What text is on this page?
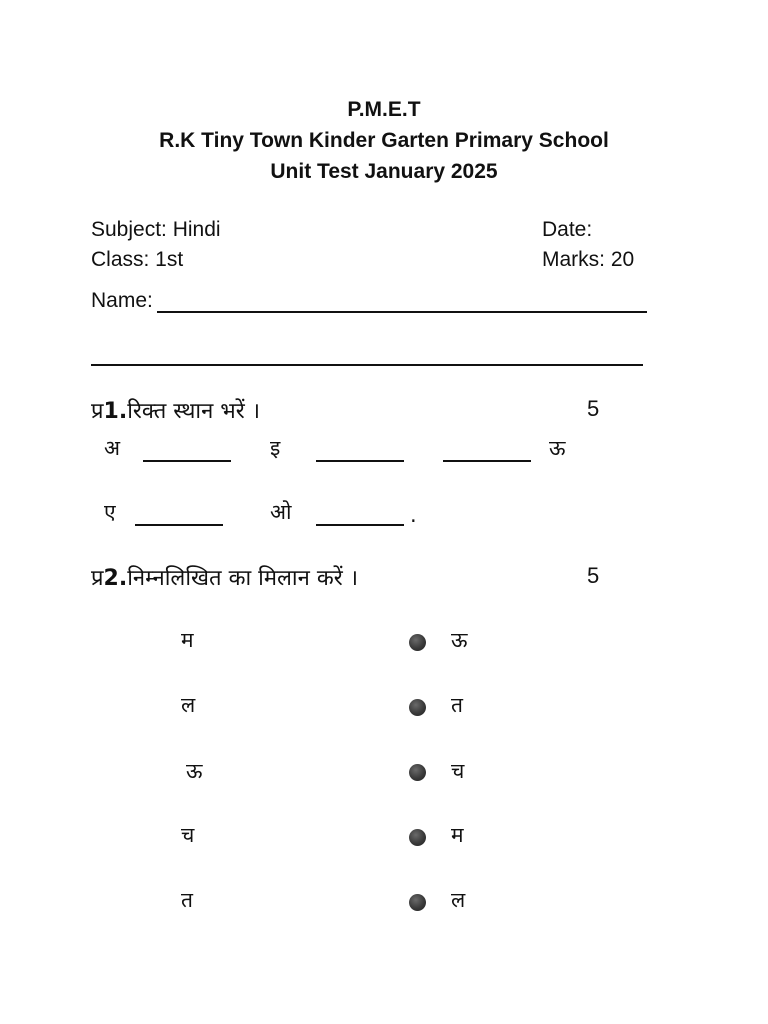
P.M.E.T
R.K Tiny Town Kinder Garten Primary School
Unit Test January 2025
Subject: Hindi
Class: 1st
Date:
Marks: 20
Name:
प्र1.रिक्त स्थान भरें ।	5
अ	इ	ऊ
ए	ओ	.
प्र2.निम्नलिखित का मिलान करें ।	5
म	ऊ
ल	त
ऊ	च
च	म
त	ल
